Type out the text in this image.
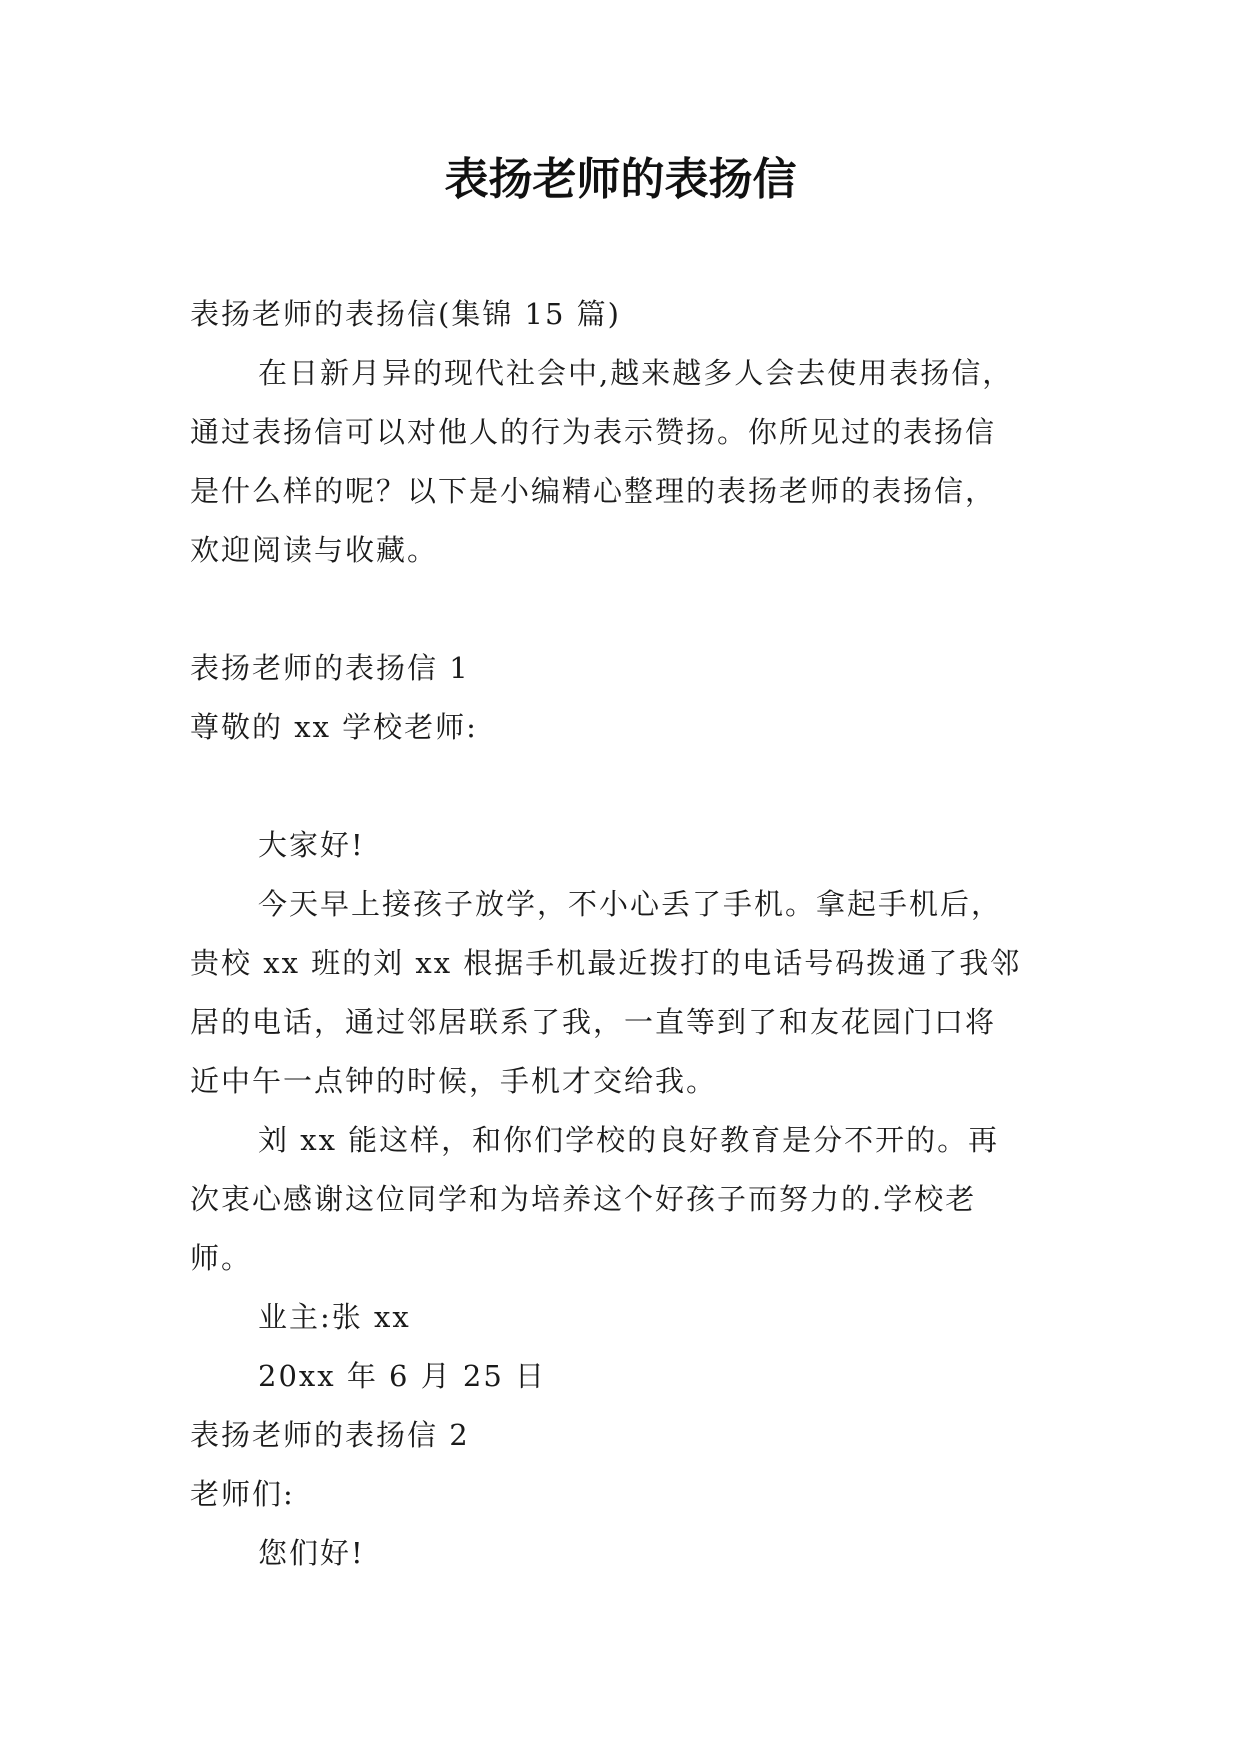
表扬老师的表扬信
表扬老师的表扬信(集锦 15 篇)
在日新月异的现代社会中,越来越多人会去使用表扬信，
通过表扬信可以对他人的行为表示赞扬。你所见过的表扬信
是什么样的呢？以下是小编精心整理的表扬老师的表扬信，
欢迎阅读与收藏。
表扬老师的表扬信 1
尊敬的 xx 学校老师:
大家好!
今天早上接孩子放学，不小心丢了手机。拿起手机后，
贵校 xx 班的刘 xx 根据手机最近拨打的电话号码拨通了我邻
居的电话，通过邻居联系了我，一直等到了和友花园门口将
近中午一点钟的时候，手机才交给我。
刘 xx 能这样，和你们学校的良好教育是分不开的。再
次衷心感谢这位同学和为培养这个好孩子而努力的.学校老
师。
业主:张 xx
20xx 年 6 月 25 日
表扬老师的表扬信 2
老师们:
您们好!
